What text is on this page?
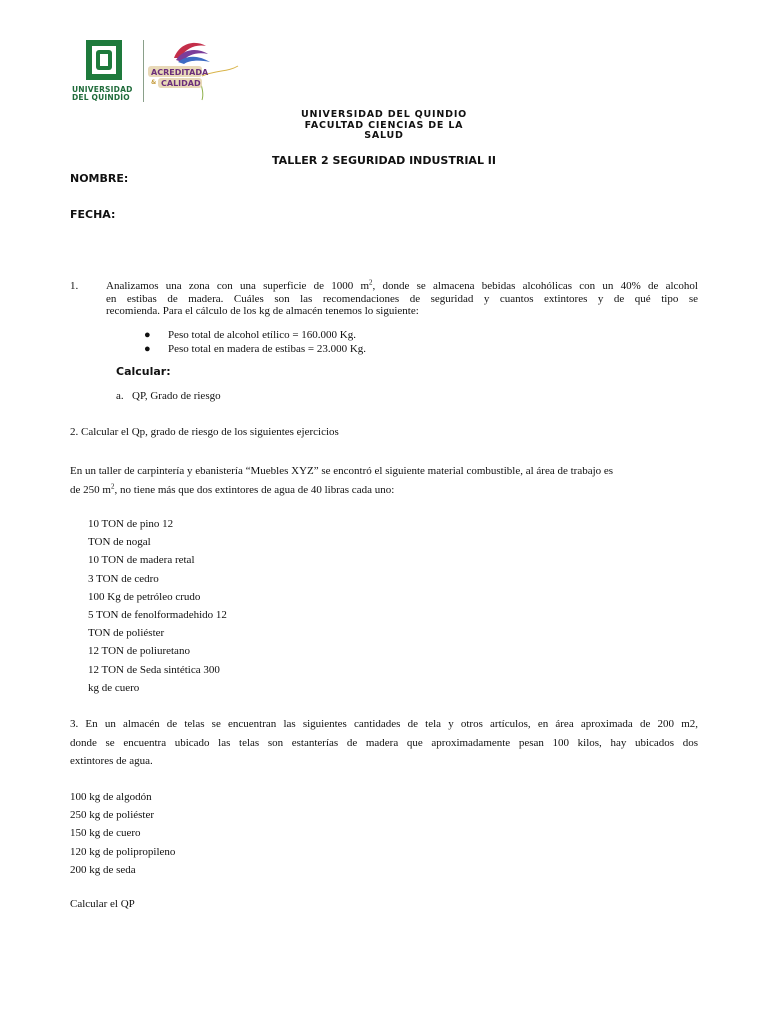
UNIVERSIDAD
DEL QUINDÍO
ACREDITADA
& CALIDAD
UNIVERSIDAD DEL QUINDIO
FACULTAD CIENCIAS DE LA
SALUD
TALLER 2 SEGURIDAD INDUSTRIAL II
NOMBRE:
FECHA:
1.	Analizamos una zona con una superficie de 1000 $m^2$, donde se almacena bebidas alcohólicas con un 40% de alcohol
en estibas de madera. Cuáles son las recomendaciones de seguridad y cuantos extintores y de qué tipo se
recomienda. Para el cálculo de los kg de almacén tenemos lo siguiente:
● Peso total de alcohol etílico = 160.000 Kg.
● Peso total en madera de estibas = 23.000 Kg.
Calcular:
a. QP, Grado de riesgo
2. Calcular el Qp, grado de riesgo de los siguientes ejercicios
En un taller de carpintería y ebanistería “Muebles XYZ” se encontró el siguiente material combustible, al área de trabajo es
de 250 $m^2$, no tiene más que dos extintores de agua de 40 libras cada uno:
10 TON de pino 12
TON de nogal
10 TON de madera retal
3 TON de cedro
100 Kg de petróleo crudo
5 TON de fenolformadehido 12
TON de poliéster
12 TON de poliuretano
12 TON de Seda sintética 300
kg de cuero
3. En un almacén de telas se encuentran las siguientes cantidades de tela y otros artículos, en área aproximada de 200 m2,
donde se encuentra ubicado las telas son estanterías de madera que aproximadamente pesan 100 kilos, hay ubicados dos
extintores de agua.
100 kg de algodón
250 kg de poliéster
150 kg de cuero
120 kg de polipropileno
200 kg de seda
Calcular el QP
